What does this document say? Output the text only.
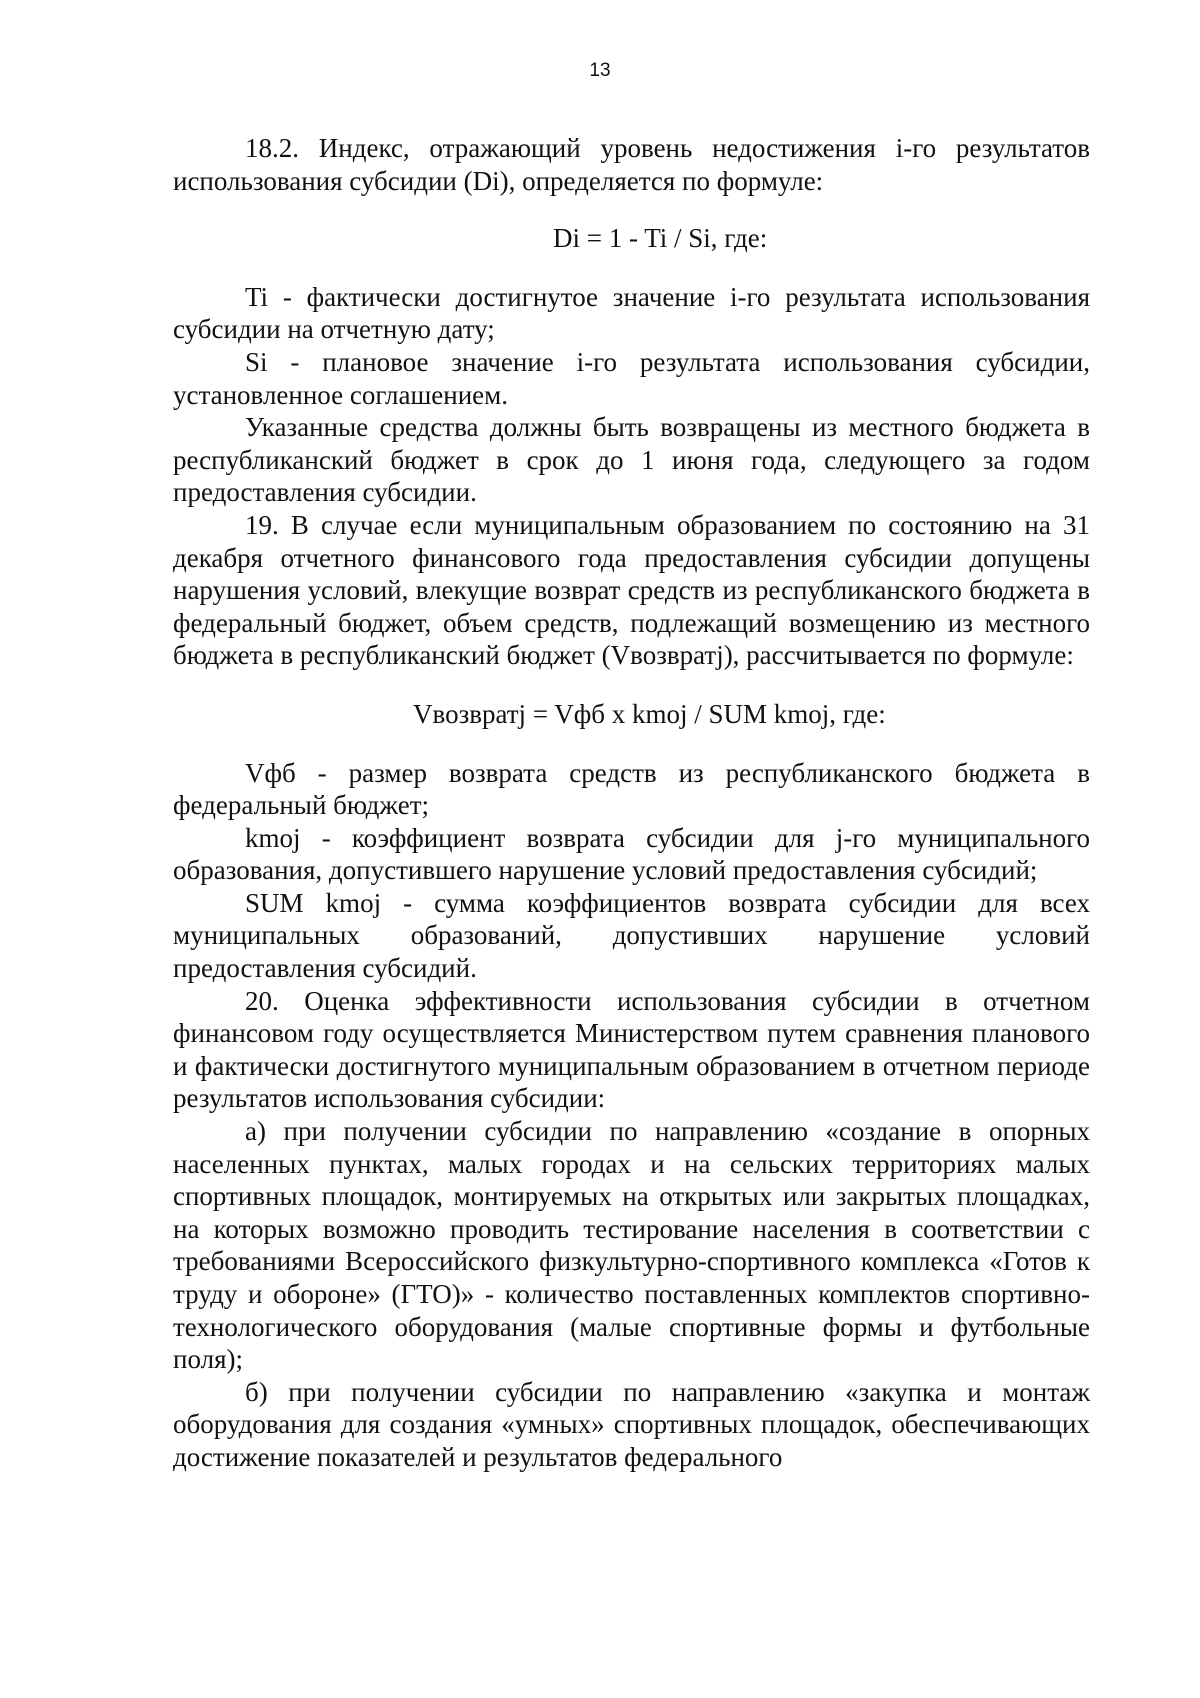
13

18.2. Индекс, отражающий уровень недостижения i-го результатов использования субсидии (Di), определяется по формуле:

Di = 1 - Ti / Si, где:

Ti - фактически достигнутое значение i-го результата использования субсидии на отчетную дату;

Si - плановое значение i-го результата использования субсидии, установленное соглашением.

Указанные средства должны быть возвращены из местного бюджета в республиканский бюджет в срок до 1 июня года, следующего за годом предоставления субсидии.

19. В случае если муниципальным образованием по состоянию на 31 декабря отчетного финансового года предоставления субсидии допущены нарушения условий, влекущие возврат средств из республиканского бюджета в федеральный бюджет, объем средств, подлежащий возмещению из местного бюджета в республиканский бюджет (Vвозвратj), рассчитывается по формуле:

Vвозвратj = Vфб x kmoj / SUM kmoj, где:

Vфб - размер возврата средств из республиканского бюджета в федеральный бюджет;

kmoj - коэффициент возврата субсидии для j-го муниципального образования, допустившего нарушение условий предоставления субсидий;

SUM kmoj - сумма коэффициентов возврата субсидии для всех муниципальных образований, допустивших нарушение условий предоставления субсидий.

20. Оценка эффективности использования субсидии в отчетном финансовом году осуществляется Министерством путем сравнения планового и фактически достигнутого муниципальным образованием в отчетном периоде результатов использования субсидии:

а) при получении субсидии по направлению «создание в опорных населенных пунктах, малых городах и на сельских территориях малых спортивных площадок, монтируемых на открытых или закрытых площадках, на которых возможно проводить тестирование населения в соответствии с требованиями Всероссийского физкультурно-спортивного комплекса «Готов к труду и обороне» (ГТО)» - количество поставленных комплектов спортивно-технологического оборудования (малые спортивные формы и футбольные поля);

б) при получении субсидии по направлению «закупка и монтаж оборудования для создания «умных» спортивных площадок, обеспечивающих достижение показателей и результатов федерального
